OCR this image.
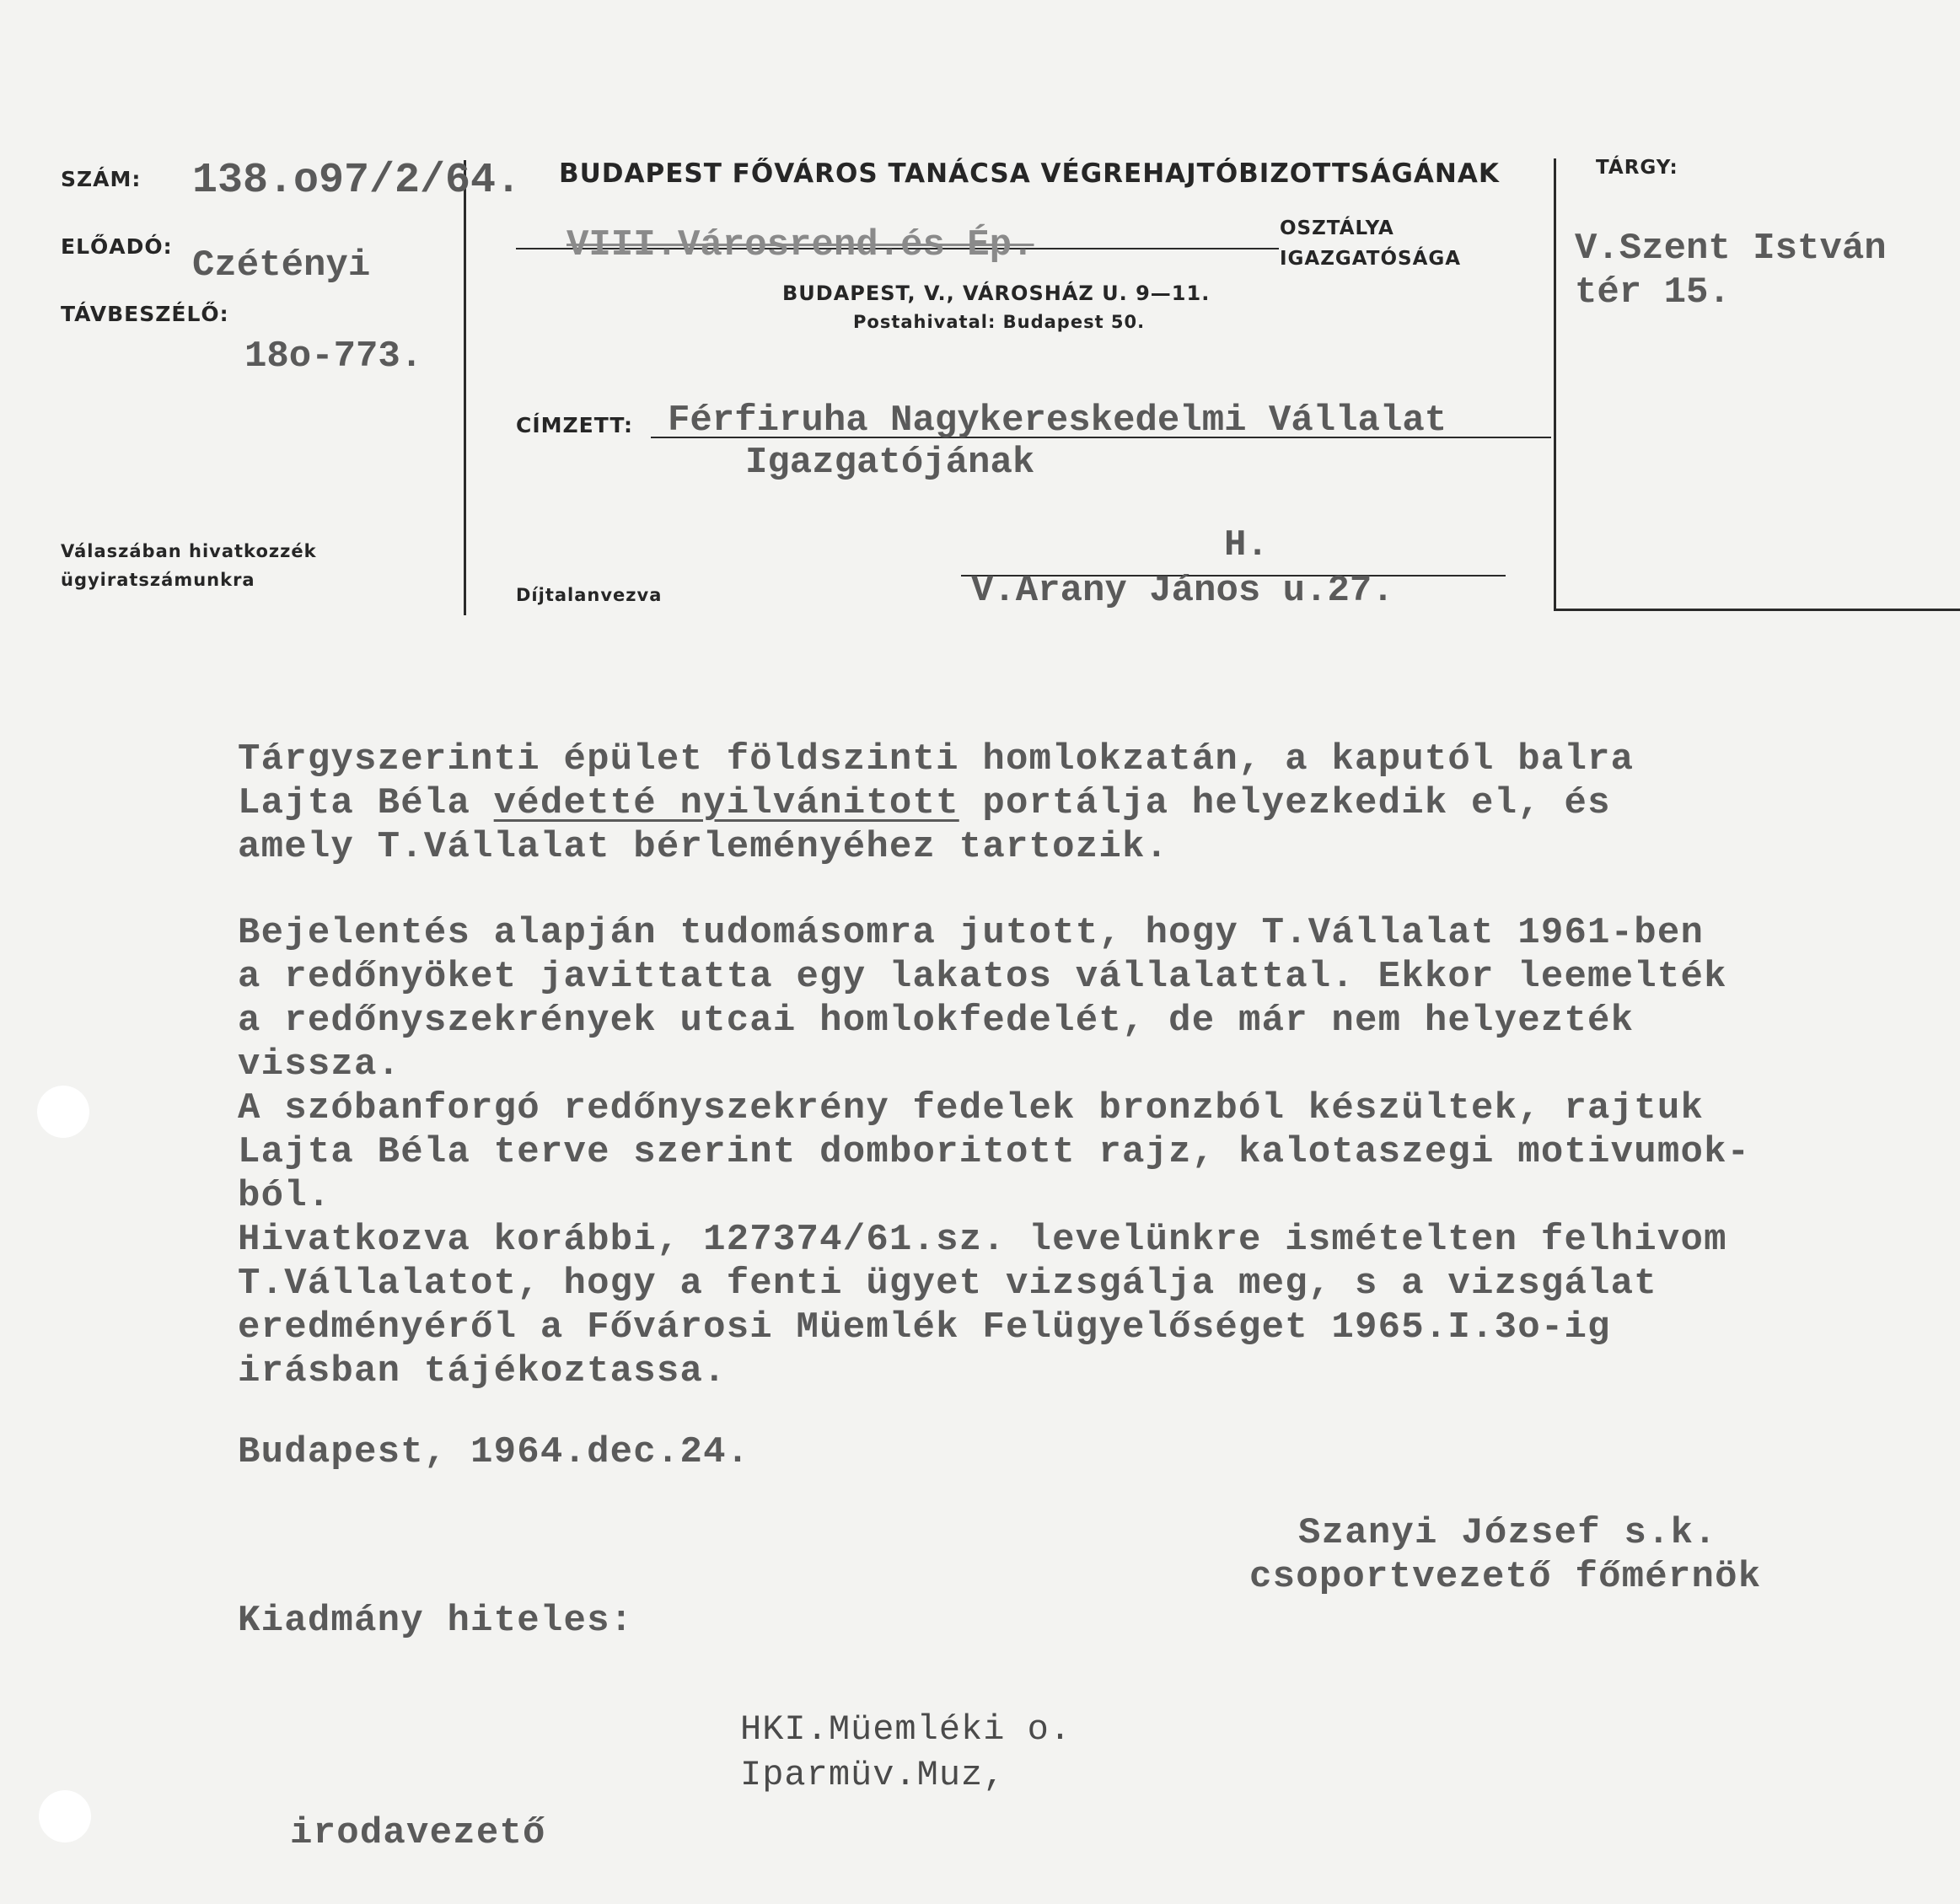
SZÁM: 138.o97/2/64.
ELŐADÓ: Czétényi
TÁVBESZÉLŐ:
18o-773.
Válaszában hivatkozzék
ügyiratszámunkra
BUDAPEST FŐVÁROS TANÁCSA VÉGREHAJTÓBIZOTTSÁGÁNAK
VIII.Városrend.és Ép.	OSZTÁLYA
IGAZGATÓSÁGA
BUDAPEST, V., VÁROSHÁZ U. 9—11.
Postahivatal: Budapest 50.
CÍMZETT: Férfiruha Nagykereskedelmi Vállalat
Igazgatójának
H.
V.Arany János u.27.
Díjtalanvezva
TÁRGY:
V.Szent István
tér 15.
Tárgyszerinti épület földszinti homlokzatán, a kaputól balra
Lajta Béla védetté nyilvánitott portálja helyezkedik el, és
amely T.Vállalat bérleményéhez tartozik.
Bejelentés alapján tudomásomra jutott, hogy T.Vállalat 1961-ben
a redőnyöket javittatta egy lakatos vállalattal. Ekkor leemelték
a redőnyszekrények utcai homlokfedelét, de már nem helyezték
vissza.
A szóbanforgó redőnyszekrény fedelek bronzból készültek, rajtuk
Lajta Béla terve szerint domboritott rajz, kalotaszegi motivumok-
ból.
Hivatkozva korábbi, 127374/61.sz. levelünkre ismételten felhivom
T.Vállalatot, hogy a fenti ügyet vizsgálja meg, s a vizsgálat
eredményéről a Fővárosi Müemlék Felügyelőséget 1965.I.3o-ig
irásban tájékoztassa.
Budapest, 1964.dec.24.
Szanyi József s.k.
csoportvezető főmérnök
Kiadmány hiteles:
HKI.Müemléki o.
Iparmüv.Muz,
irodavezető
